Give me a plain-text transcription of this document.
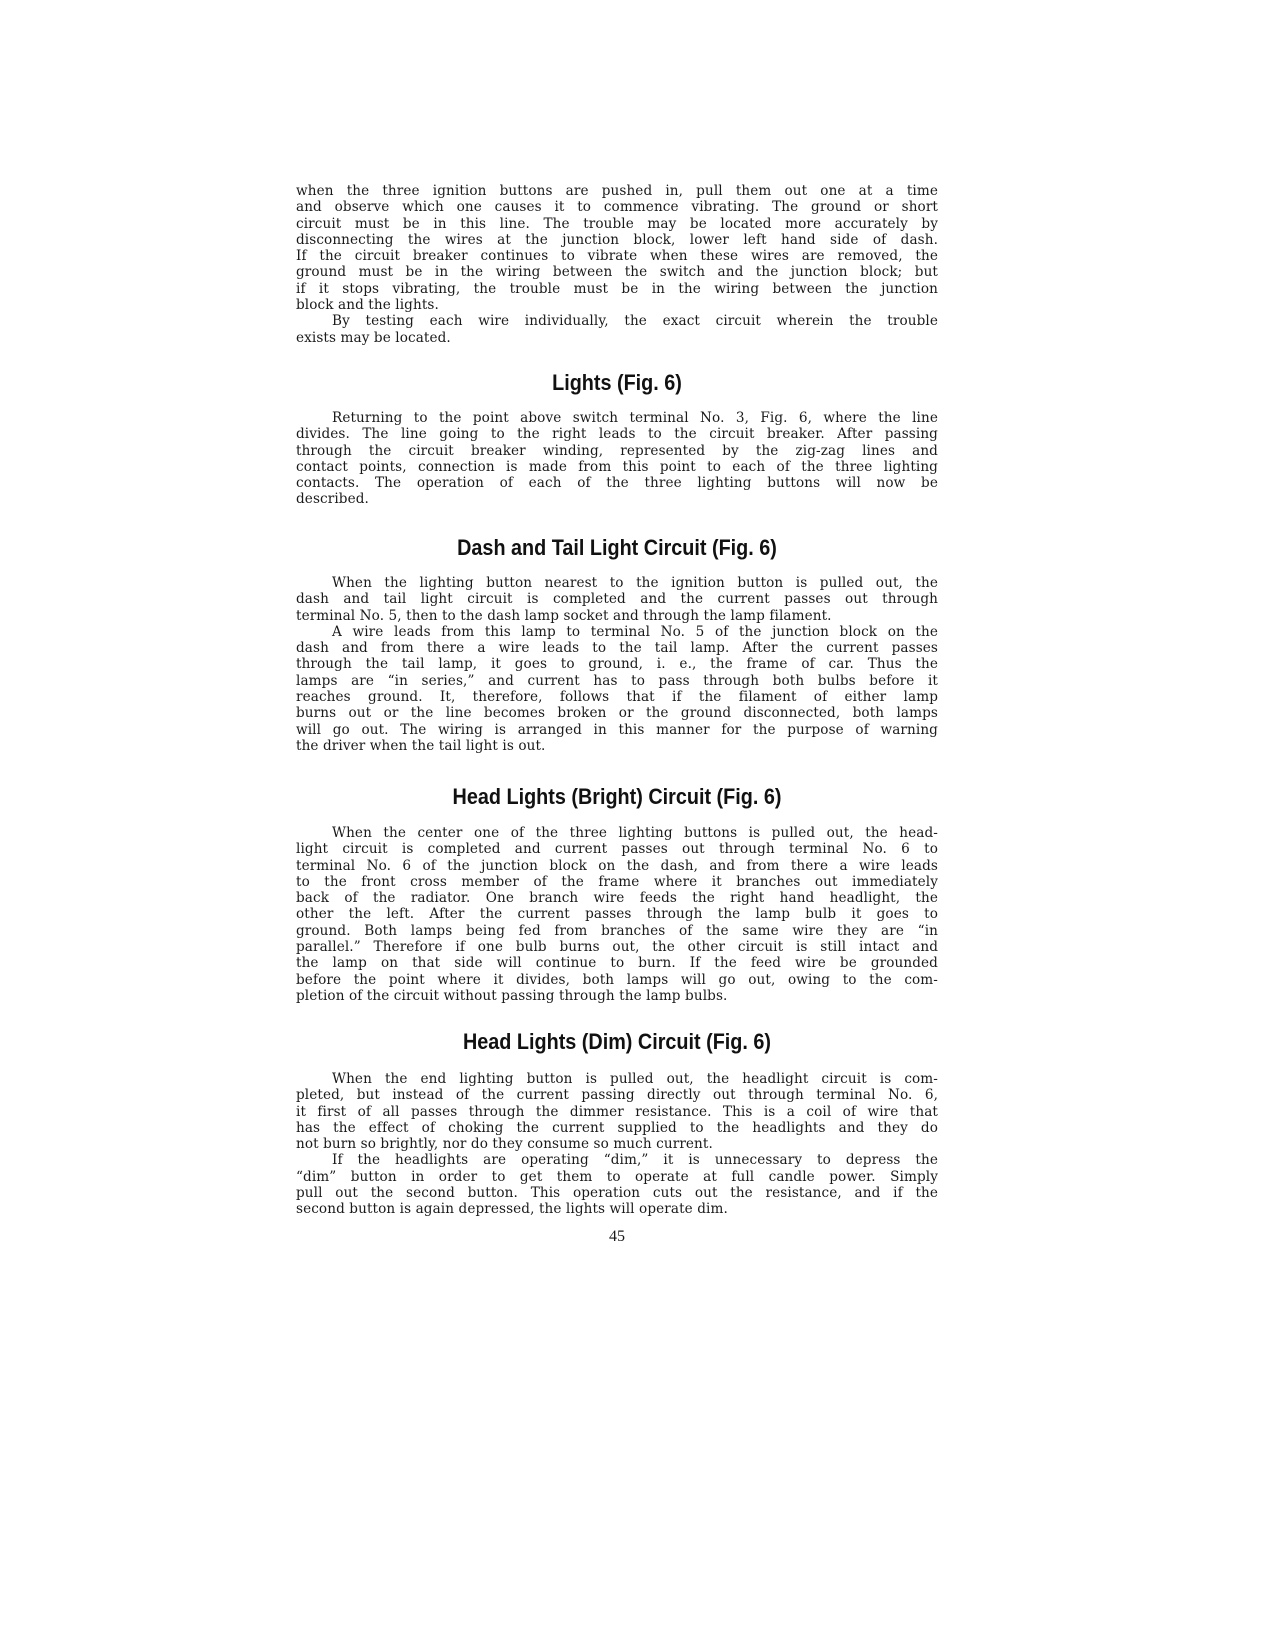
when the three ignition buttons are pushed in, pull them out one at a time
and observe which one causes it to commence vibrating. The ground or short
circuit must be in this line. The trouble may be located more accurately by
disconnecting the wires at the junction block, lower left hand side of dash.
If the circuit breaker continues to vibrate when these wires are removed, the
ground must be in the wiring between the switch and the junction block; but
if it stops vibrating, the trouble must be in the wiring between the junction
block and the lights.
By testing each wire individually, the exact circuit wherein the trouble
exists may be located.
Lights (Fig. 6)
Returning to the point above switch terminal No. 3, Fig. 6, where the line
divides. The line going to the right leads to the circuit breaker. After passing
through the circuit breaker winding, represented by the zig-zag lines and
contact points, connection is made from this point to each of the three lighting
contacts. The operation of each of the three lighting buttons will now be
described.
Dash and Tail Light Circuit (Fig. 6)
When the lighting button nearest to the ignition button is pulled out, the
dash and tail light circuit is completed and the current passes out through
terminal No. 5, then to the dash lamp socket and through the lamp filament.
A wire leads from this lamp to terminal No. 5 of the junction block on the
dash and from there a wire leads to the tail lamp. After the current passes
through the tail lamp, it goes to ground, i. e., the frame of car. Thus the
lamps are “in series,” and current has to pass through both bulbs before it
reaches ground. It, therefore, follows that if the filament of either lamp
burns out or the line becomes broken or the ground disconnected, both lamps
will go out. The wiring is arranged in this manner for the purpose of warning
the driver when the tail light is out.
Head Lights (Bright) Circuit (Fig. 6)
When the center one of the three lighting buttons is pulled out, the head-
light circuit is completed and current passes out through terminal No. 6 to
terminal No. 6 of the junction block on the dash, and from there a wire leads
to the front cross member of the frame where it branches out immediately
back of the radiator. One branch wire feeds the right hand headlight, the
other the left. After the current passes through the lamp bulb it goes to
ground. Both lamps being fed from branches of the same wire they are “in
parallel.” Therefore if one bulb burns out, the other circuit is still intact and
the lamp on that side will continue to burn. If the feed wire be grounded
before the point where it divides, both lamps will go out, owing to the com-
pletion of the circuit without passing through the lamp bulbs.
Head Lights (Dim) Circuit (Fig. 6)
When the end lighting button is pulled out, the headlight circuit is com-
pleted, but instead of the current passing directly out through terminal No. 6,
it first of all passes through the dimmer resistance. This is a coil of wire that
has the effect of choking the current supplied to the headlights and they do
not burn so brightly, nor do they consume so much current.
If the headlights are operating “dim,” it is unnecessary to depress the
“dim” button in order to get them to operate at full candle power. Simply
pull out the second button. This operation cuts out the resistance, and if the
second button is again depressed, the lights will operate dim.
45
